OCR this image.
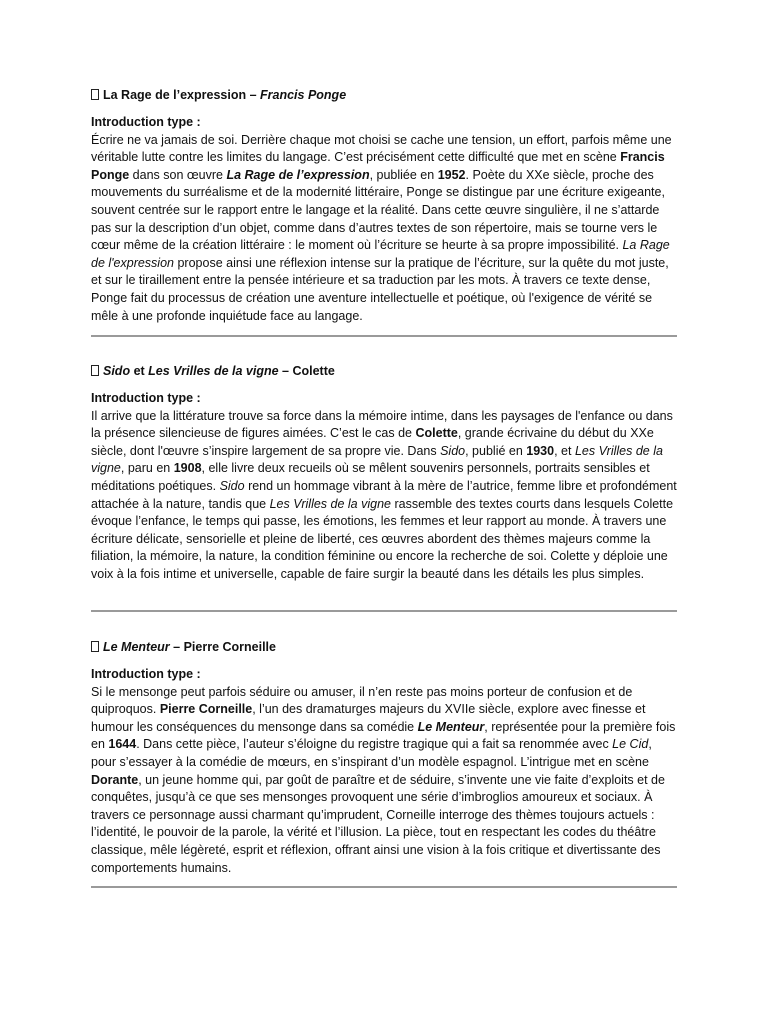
La Rage de l’expression – Francis Ponge

Introduction type :

Écrire ne va jamais de soi. Derrière chaque mot choisi se cache une tension, un effort, parfois même une véritable lutte contre les limites du langage. C’est précisément cette difficulté que met en scène Francis Ponge dans son œuvre La Rage de l’expression, publiée en 1952. Poète du XXe siècle, proche des mouvements du surréalisme et de la modernité littéraire, Ponge se distingue par une écriture exigeante, souvent centrée sur le rapport entre le langage et la réalité. Dans cette œuvre singulière, il ne s’attarde pas sur la description d’un objet, comme dans d’autres textes de son répertoire, mais se tourne vers le cœur même de la création littéraire : le moment où l’écriture se heurte à sa propre impossibilité. La Rage de l'expression propose ainsi une réflexion intense sur la pratique de l’écriture, sur la quête du mot juste, et sur le tiraillement entre la pensée intérieure et sa traduction par les mots. À travers ce texte dense, Ponge fait du processus de création une aventure intellectuelle et poétique, où l'exigence de vérité se mêle à une profonde inquiétude face au langage.

Sido et Les Vrilles de la vigne – Colette

Introduction type :

Il arrive que la littérature trouve sa force dans la mémoire intime, dans les paysages de l'enfance ou dans la présence silencieuse de figures aimées. C’est le cas de Colette, grande écrivaine du début du XXe siècle, dont l'œuvre s’inspire largement de sa propre vie. Dans Sido, publié en 1930, et Les Vrilles de la vigne, paru en 1908, elle livre deux recueils où se mêlent souvenirs personnels, portraits sensibles et méditations poétiques. Sido rend un hommage vibrant à la mère de l’autrice, femme libre et profondément attachée à la nature, tandis que Les Vrilles de la vigne rassemble des textes courts dans lesquels Colette évoque l’enfance, le temps qui passe, les émotions, les femmes et leur rapport au monde. À travers une écriture délicate, sensorielle et pleine de liberté, ces œuvres abordent des thèmes majeurs comme la filiation, la mémoire, la nature, la condition féminine ou encore la recherche de soi. Colette y déploie une voix à la fois intime et universelle, capable de faire surgir la beauté dans les détails les plus simples.

Le Menteur – Pierre Corneille

Introduction type :

Si le mensonge peut parfois séduire ou amuser, il n’en reste pas moins porteur de confusion et de quiproquos. Pierre Corneille, l’un des dramaturges majeurs du XVIIe siècle, explore avec finesse et humour les conséquences du mensonge dans sa comédie Le Menteur, représentée pour la première fois en 1644. Dans cette pièce, l’auteur s’éloigne du registre tragique qui a fait sa renommée avec Le Cid, pour s’essayer à la comédie de mœurs, en s’inspirant d’un modèle espagnol. L’intrigue met en scène Dorante, un jeune homme qui, par goût de paraître et de séduire, s’invente une vie faite d’exploits et de conquêtes, jusqu’à ce que ses mensonges provoquent une série d’imbroglios amoureux et sociaux. À travers ce personnage aussi charmant qu’imprudent, Corneille interroge des thèmes toujours actuels : l’identité, le pouvoir de la parole, la vérité et l’illusion. La pièce, tout en respectant les codes du théâtre classique, mêle légèreté, esprit et réflexion, offrant ainsi une vision à la fois critique et divertissante des comportements humains.
